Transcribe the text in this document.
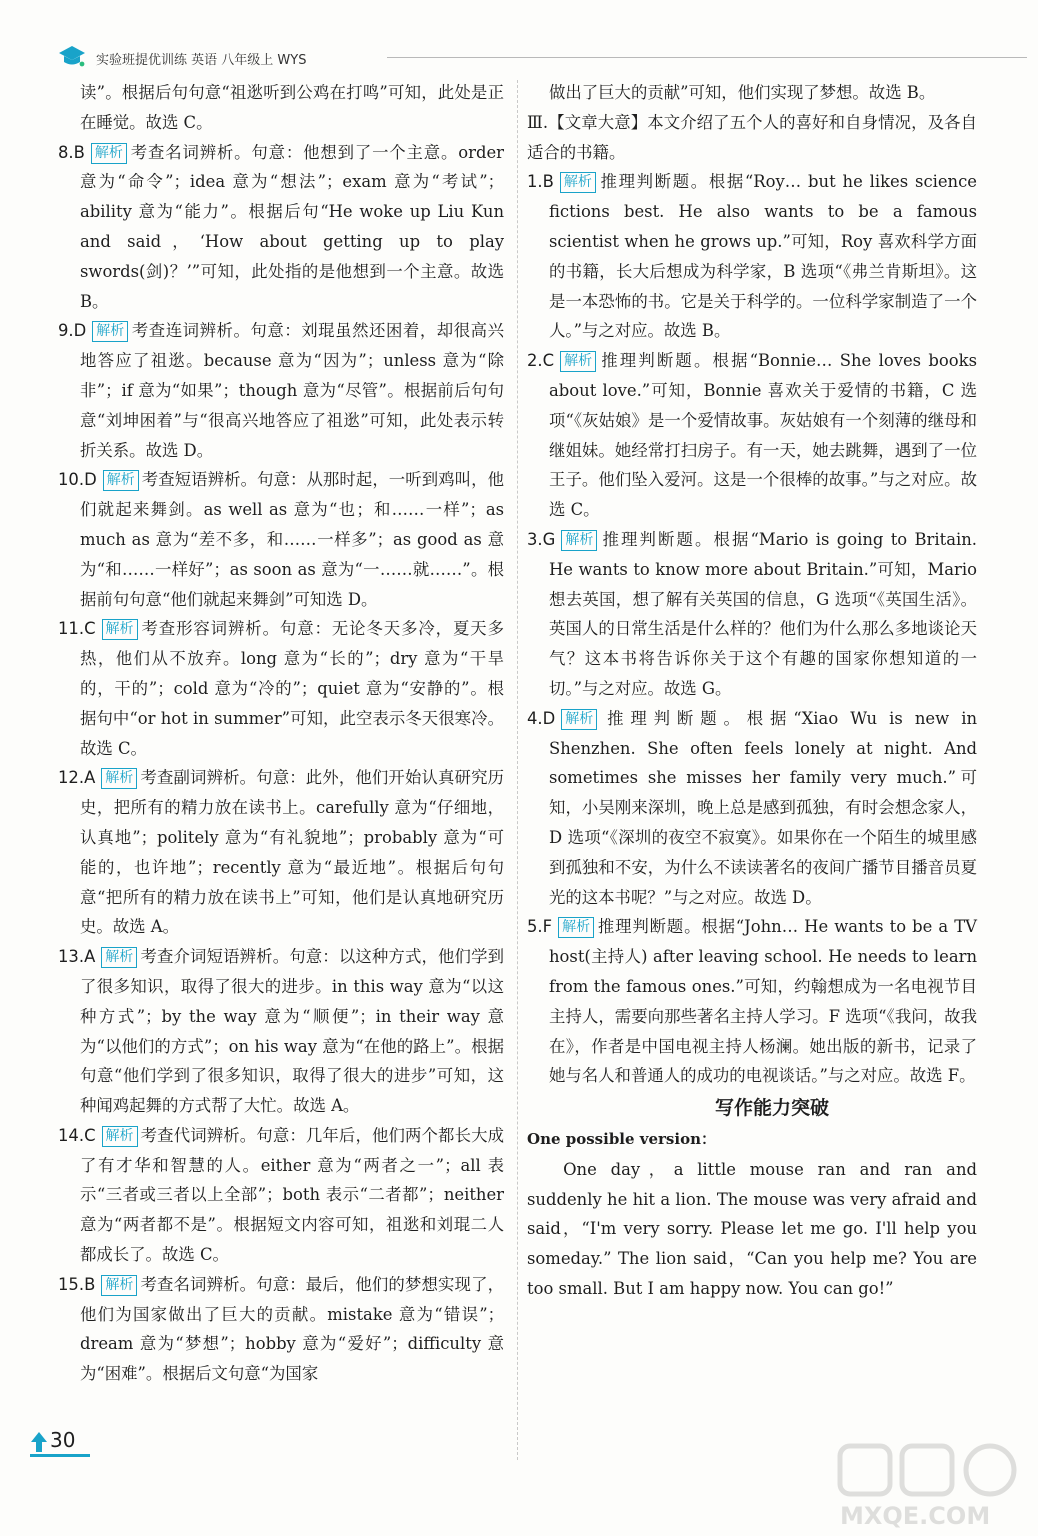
实验班提优训练 英语 八年级上 WYS

读”。根据后句句意“祖逖听到公鸡在打鸣”可知，此处是正在睡觉。故选 C。

8.B 解析 考查名词辨析。句意：他想到了一个主意。order 意为“命令”；idea 意为“想法”；exam 意为“考试”；ability 意为“能力”。根据后句“He woke up Liu Kun and said，‘How about getting up to play swords(剑)？’”可知，此处指的是他想到一个主意。故选 B。

9.D 解析 考查连词辨析。句意：刘琨虽然还困着，却很高兴地答应了祖逖。because 意为“因为”；unless 意为“除非”；if 意为“如果”；though 意为“尽管”。根据前后句句意“刘坤困着”与“很高兴地答应了祖逖”可知，此处表示转折关系。故选 D。

10.D 解析 考查短语辨析。句意：从那时起，一听到鸡叫，他们就起来舞剑。as well as 意为“也；和……一样”；as much as 意为“差不多，和……一样多”；as good as 意为“和……一样好”；as soon as 意为“一……就……”。根据前句句意“他们就起来舞剑”可知选 D。

11.C 解析 考查形容词辨析。句意：无论冬天多冷，夏天多热，他们从不放弃。long 意为“长的”；dry 意为“干旱的，干的”；cold 意为“冷的”；quiet 意为“安静的”。根据句中“or hot in summer”可知，此空表示冬天很寒冷。故选 C。

12.A 解析 考查副词辨析。句意：此外，他们开始认真研究历史，把所有的精力放在读书上。carefully 意为“仔细地，认真地”；politely 意为“有礼貌地”；probably 意为“可能的，也许地”；recently 意为“最近地”。根据后句句意“把所有的精力放在读书上”可知，他们是认真地研究历史。故选 A。

13.A 解析 考查介词短语辨析。句意：以这种方式，他们学到了很多知识，取得了很大的进步。in this way 意为“以这种方式”；by the way 意为“顺便”；in their way 意为“以他们的方式”；on his way 意为“在他的路上”。根据句意“他们学到了很多知识，取得了很大的进步”可知，这种闻鸡起舞的方式帮了大忙。故选 A。

14.C 解析 考查代词辨析。句意：几年后，他们两个都长大成了有才华和智慧的人。either 意为“两者之一”；all 表示“三者或三者以上全部”；both 表示“二者都”；neither 意为“两者都不是”。根据短文内容可知，祖逖和刘琨二人都成长了。故选 C。

15.B 解析 考查名词辨析。句意：最后，他们的梦想实现了，他们为国家做出了巨大的贡献。mistake 意为“错误”；dream 意为“梦想”；hobby 意为“爱好”；difficulty 意为“困难”。根据后文句意“为国家

做出了巨大的贡献”可知，他们实现了梦想。故选 B。

Ⅲ.【文章大意】本文介绍了五个人的喜好和自身情况，及各自适合的书籍。

1.B 解析 推理判断题。根据“Roy… but he likes science fictions best. He also wants to be a famous scientist when he grows up.”可知，Roy 喜欢科学方面的书籍，长大后想成为科学家，B 选项“《弗兰肯斯坦》。这是一本恐怖的书。它是关于科学的。一位科学家制造了一个人。”与之对应。故选 B。

2.C 解析 推理判断题。根据“Bonnie… She loves books about love.”可知，Bonnie 喜欢关于爱情的书籍，C 选项“《灰姑娘》是一个爱情故事。灰姑娘有一个刻薄的继母和继姐妹。她经常打扫房子。有一天，她去跳舞，遇到了一位王子。他们坠入爱河。这是一个很棒的故事。”与之对应。故选 C。

3.G 解析 推理判断题。根据“Mario is going to Britain. He wants to know more about Britain.”可知，Mario 想去英国，想了解有关英国的信息，G 选项“《英国生活》。英国人的日常生活是什么样的？他们为什么那么多地谈论天气？这本书将告诉你关于这个有趣的国家你想知道的一切。”与之对应。故选 G。

4.D 解析 推理判断题。根据“Xiao Wu is new in Shenzhen. She often feels lonely at night. And sometimes she misses her family very much.”可知，小吴刚来深圳，晚上总是感到孤独，有时会想念家人，D 选项“《深圳的夜空不寂寞》。如果你在一个陌生的城里感到孤独和不安，为什么不读读著名的夜间广播节目播音员夏光的这本书呢？”与之对应。故选 D。

5.F 解析 推理判断题。根据“John… He wants to be a TV host(主持人) after leaving school. He needs to learn from the famous ones.”可知，约翰想成为一名电视节目主持人，需要向那些著名主持人学习。F 选项“《我问，故我在》，作者是中国电视主持人杨澜。她出版的新书，记录了她与名人和普通人的成功的电视谈话。”与之对应。故选 F。

写作能力突破

One possible version：

One day，a little mouse ran and ran and suddenly he hit a lion. The mouse was very afraid and said，“I'm very sorry. Please let me go. I'll help you someday.” The lion said，“Can you help me? You are too small. But I am happy now. You can go!”

30
MXQE.COM
